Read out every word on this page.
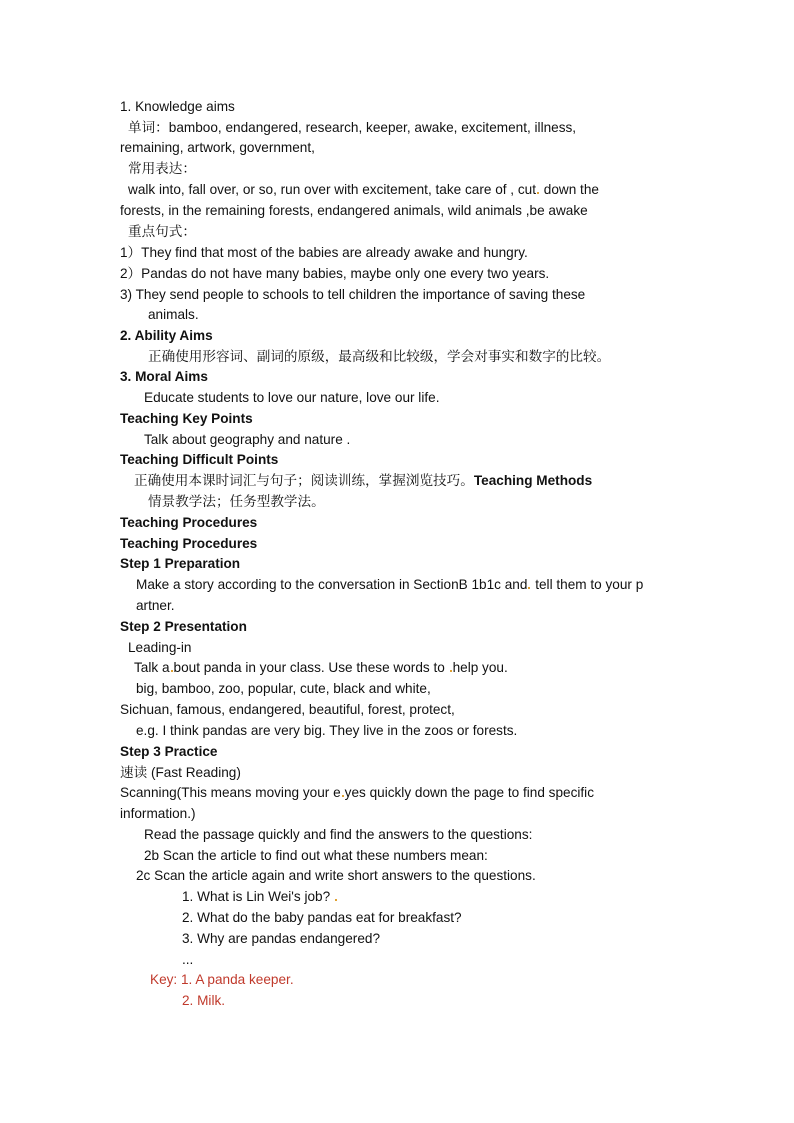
1. Knowledge aims
单词：bamboo, endangered, research, keeper, awake, excitement, illness,
remaining, artwork, government,
常用表达：
walk into, fall over, or so, run over with excitement, take care of , cut down the
forests, in the remaining forests, endangered animals, wild animals ,be awake
重点句式：
1）They find that most of the babies are already awake and hungry.
2）Pandas do not have many babies, maybe only one every two years.
3) They send people to schools to tell children the importance of saving these
animals.
2. Ability Aims
正确使用形容词、副词的原级，最高级和比较级，学会对事实和数字的比较。
3. Moral Aims
Educate students to love our nature, love our life.
Teaching Key Points
Talk about geography and nature .
Teaching Difficult Points
正确使用本课时词汇与句子；阅读训练，掌握浏览技巧。Teaching Methods
情景教学法；任务型教学法。
Teaching Procedures
Teaching Procedures
Step 1 Preparation
Make a story according to the conversation in SectionB 1b1c and tell them to your p
artner.
Step 2 Presentation
Leading-in
Talk a bout panda in your class. Use these words to help you.
big, bamboo, zoo, popular, cute, black and white,
Sichuan, famous, endangered, beautiful, forest, protect,
e.g. I think pandas are very big. They live in the zoos or forests.
Step 3 Practice
速读 (Fast Reading)
Scanning(This means moving your e yes quickly down the page to find specific
information.)
Read the passage quickly and find the answers to the questions:
2b Scan the article to find out what these numbers mean:
2c Scan the article again and write short answers to the questions.
1. What is Lin Wei's job?
2. What do the baby pandas eat for breakfast?
3. Why are pandas endangered?
...
Key: 1. A panda keeper.
2. Milk.
